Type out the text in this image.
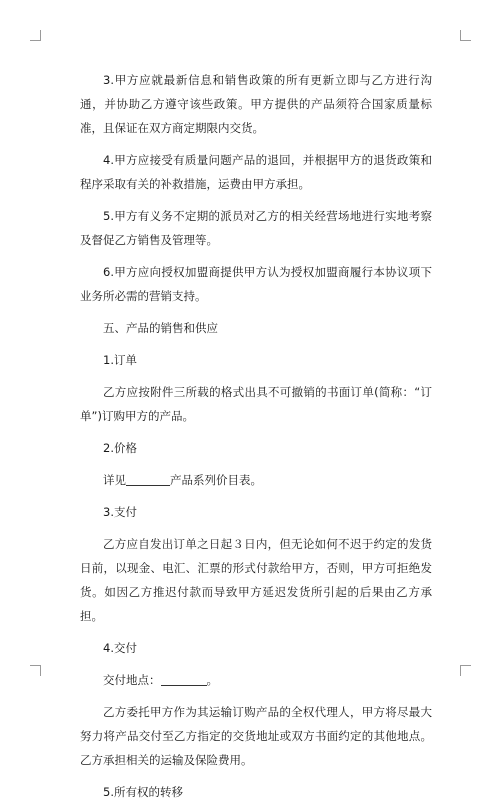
3.甲方应就最新信息和销售政策的所有更新立即与乙方进行沟通，并协助乙方遵守该些政策。甲方提供的产品须符合国家质量标准，且保证在双方商定期限内交货。

4.甲方应接受有质量问题产品的退回，并根据甲方的退货政策和程序采取有关的补救措施，运费由甲方承担。

5.甲方有义务不定期的派员对乙方的相关经营场地进行实地考察及督促乙方销售及管理等。

6.甲方应向授权加盟商提供甲方认为授权加盟商履行本协议项下业务所必需的营销支持。

五、产品的销售和供应

1.订单

乙方应按附件三所载的格式出具不可撤销的书面订单(简称：“订单”)订购甲方的产品。

2.价格

详见	产品系列价目表。

3.支付

乙方应自发出订单之日起３日内，但无论如何不迟于约定的发货日前，以现金、电汇、汇票的形式付款给甲方，否则，甲方可拒绝发货。如因乙方推迟付款而导致甲方延迟发货所引起的后果由乙方承担。

4.交付

交付地点：	。

乙方委托甲方作为其运输订购产品的全权代理人，甲方将尽最大努力将产品交付至乙方指定的交货地址或双方书面约定的其他地点。乙方承担相关的运输及保险费用。

5.所有权的转移
